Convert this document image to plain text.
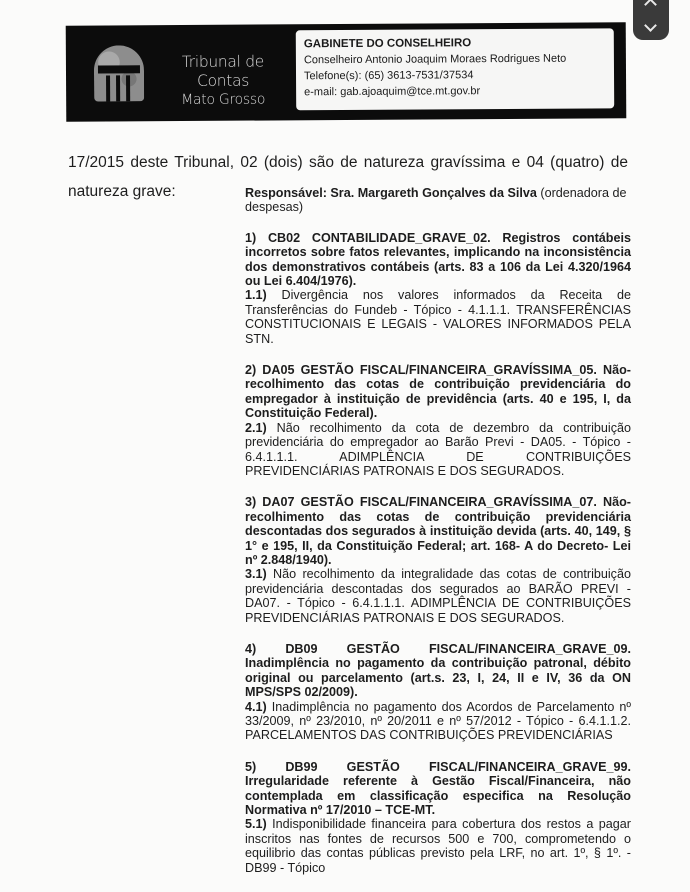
Tribunal de Contas
Mato Grosso
GABINETE DO CONSELHEIRO
Conselheiro Antonio Joaquim Moraes Rodrigues Neto
Telefone(s): (65) 3613-7531/37534
e-mail: gab.ajoaquim@tce.mt.gov.br
17/2015 deste Tribunal, 02 (dois) são de natureza gravíssima e 04 (quatro) de natureza grave:	Responsável: Sra. Margareth Gonçalves da Silva (ordenadora de despesas)

1) CB02 CONTABILIDADE_GRAVE_02. Registros contábeis incorretos sobre fatos relevantes, implicando na inconsistência dos demonstrativos contábeis (arts. 83 a 106 da Lei 4.320/1964 ou Lei 6.404/1976).

1.1) Divergência nos valores informados da Receita de Transferências do Fundeb - Tópico - 4.1.1.1. TRANSFERÊNCIAS CONSTITUCIONAIS E LEGAIS - VALORES INFORMADOS PELA STN.

2) DA05 GESTÃO FISCAL/FINANCEIRA_GRAVÍSSIMA_05. Não-recolhimento das cotas de contribuição previdenciária do empregador à instituição de previdência (arts. 40 e 195, I, da Constituição Federal).

2.1) Não recolhimento da cota de dezembro da contribuição previdenciária do empregador ao Barão Previ - DA05. - Tópico - 6.4.1.1.1. ADIMPLÊNCIA DE CONTRIBUIÇÕES PREVIDENCIÁRIAS PATRONAIS E DOS SEGURADOS.

3) DA07 GESTÃO FISCAL/FINANCEIRA_GRAVÍSSIMA_07. Não-recolhimento das cotas de contribuição previdenciária descontadas dos segurados à instituição devida (arts. 40, 149, § 1° e 195, II, da Constituição Federal; art. 168- A do Decreto- Lei nº 2.848/1940).

3.1) Não recolhimento da integralidade das cotas de contribuição previdenciária descontadas dos segurados ao BARÃO PREVI - DA07. - Tópico - 6.4.1.1.1. ADIMPLÊNCIA DE CONTRIBUIÇÕES PREVIDENCIÁRIAS PATRONAIS E DOS SEGURADOS.

4) DB09 GESTÃO FISCAL/FINANCEIRA_GRAVE_09. Inadimplência no pagamento da contribuição patronal, débito original ou parcelamento (art.s. 23, I, 24, II e IV, 36 da ON MPS/SPS 02/2009).

4.1) Inadimplência no pagamento dos Acordos de Parcelamento nº 33/2009, nº 23/2010, nº 20/2011 e nº 57/2012 - Tópico - 6.4.1.1.2. PARCELAMENTOS DAS CONTRIBUIÇÕES PREVIDENCIÁRIAS

5) DB99 GESTÃO FISCAL/FINANCEIRA_GRAVE_99. Irregularidade referente à Gestão Fiscal/Financeira, não contemplada em classificação especifica na Resolução Normativa nº 17/2010 – TCE-MT.

5.1) Indisponibilidade financeira para cobertura dos restos a pagar inscritos nas fontes de recursos 500 e 700, comprometendo o equilibrio das contas públicas previsto pela LRF, no art. 1º, § 1º. - DB99 - Tópico
